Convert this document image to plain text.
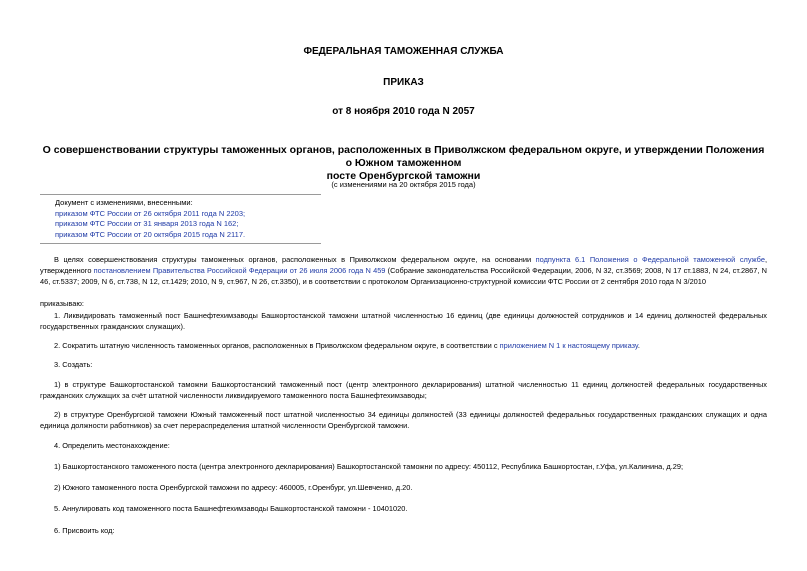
ФЕДЕРАЛЬНАЯ ТАМОЖЕННАЯ СЛУЖБА
ПРИКАЗ
от 8 ноября 2010 года N 2057
О совершенствовании структуры таможенных органов, расположенных в Приволжском федеральном округе, и утверждении Положения о Южном таможенном
посте Оренбургской таможни
(с изменениями на 20 октября 2015 года)
Документ с изменениями, внесенными:
приказом ФТС России от 26 октября 2011 года N 2203;
приказом ФТС России от 31 января 2013 года N 162;
приказом ФТС России от 20 октября 2015 года N 2117.
В целях совершенствования структуры таможенных органов, расположенных в Приволжском федеральном округе, на основании подпункта 6.1 Положения о Федеральной таможенной службе, утвержденного постановлением Правительства Российской Федерации от 26 июля 2006 года N 459 (Собрание законодательства Российской Федерации, 2006, N 32, ст.3569; 2008, N 17 ст.1883, N 24, ст.2867, N 46, ст.5337; 2009, N 6, ст.738, N 12, ст.1429; 2010, N 9, ст.967, N 26, ст.3350), и в соответствии с протоколом Организационно-структурной комиссии ФТС России от 2 сентября 2010 года N 3/2010
приказываю:
1. Ликвидировать таможенный пост Башнефтехимзаводы Башкортостанской таможни штатной численностью 16 единиц (две единицы должностей сотрудников и 14 единиц должностей федеральных государственных гражданских служащих).
2. Сократить штатную численность таможенных органов, расположенных в Приволжском федеральном округе, в соответствии с приложением N 1 к настоящему приказу.
3. Создать:
1) в структуре Башкортостанской таможни Башкортостанский таможенный пост (центр электронного декларирования) штатной численностью 11 единиц должностей федеральных государственных гражданских служащих за счёт штатной численности ликвидируемого таможенного поста Башнефтехимзаводы;
2) в структуре Оренбургской таможни Южный таможенный пост штатной численностью 34 единицы должностей (33 единицы должностей федеральных государственных гражданских служащих и одна единица должности работников) за счет перераспределения штатной численности Оренбургской таможни.
4. Определить местонахождение:
1) Башкортостанского таможенного поста (центра электронного декларирования) Башкортостанской таможни по адресу: 450112, Республика Башкортостан, г.Уфа, ул.Калинина, д.29;
2) Южного таможенного поста Оренбургской таможни по адресу: 460005, г.Оренбург, ул.Шевченко, д.20.
5. Аннулировать код таможенного поста Башнефтехимзаводы Башкортостанской таможни - 10401020.
6. Присвоить код:
